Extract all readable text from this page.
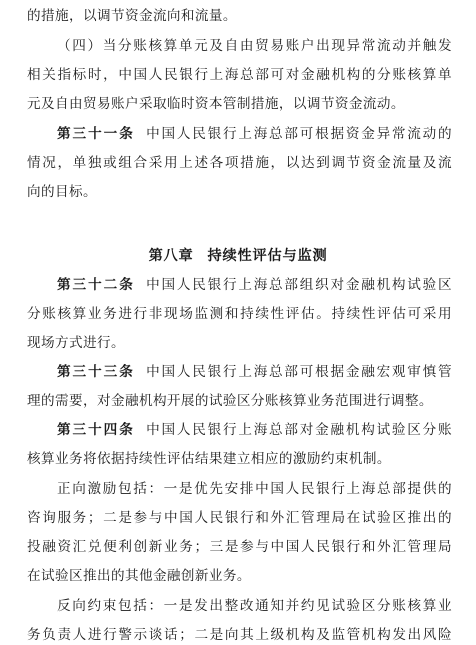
的措施，以调节资金流向和流量。
（四）当分账核算单元及自由贸易账户出现异常流动并触发
相关指标时，中国人民银行上海总部可对金融机构的分账核算单
元及自由贸易账户采取临时资本管制措施，以调节资金流动。
第三十一条 中国人民银行上海总部可根据资金异常流动的
情况，单独或组合采用上述各项措施，以达到调节资金流量及流
向的目标。
第八章 持续性评估与监测
第三十二条 中国人民银行上海总部组织对金融机构试验区
分账核算业务进行非现场监测和持续性评估。持续性评估可采用
现场方式进行。
第三十三条 中国人民银行上海总部可根据金融宏观审慎管
理的需要，对金融机构开展的试验区分账核算业务范围进行调整。
第三十四条 中国人民银行上海总部对金融机构试验区分账
核算业务将依据持续性评估结果建立相应的激励约束机制。
正向激励包括：一是优先安排中国人民银行上海总部提供的
咨询服务；二是参与中国人民银行和外汇管理局在试验区推出的
投融资汇兑便利创新业务；三是参与中国人民银行和外汇管理局
在试验区推出的其他金融创新业务。
反向约束包括：一是发出整改通知并约见试验区分账核算业
务负责人进行警示谈话；二是向其上级机构及监管机构发出风险
